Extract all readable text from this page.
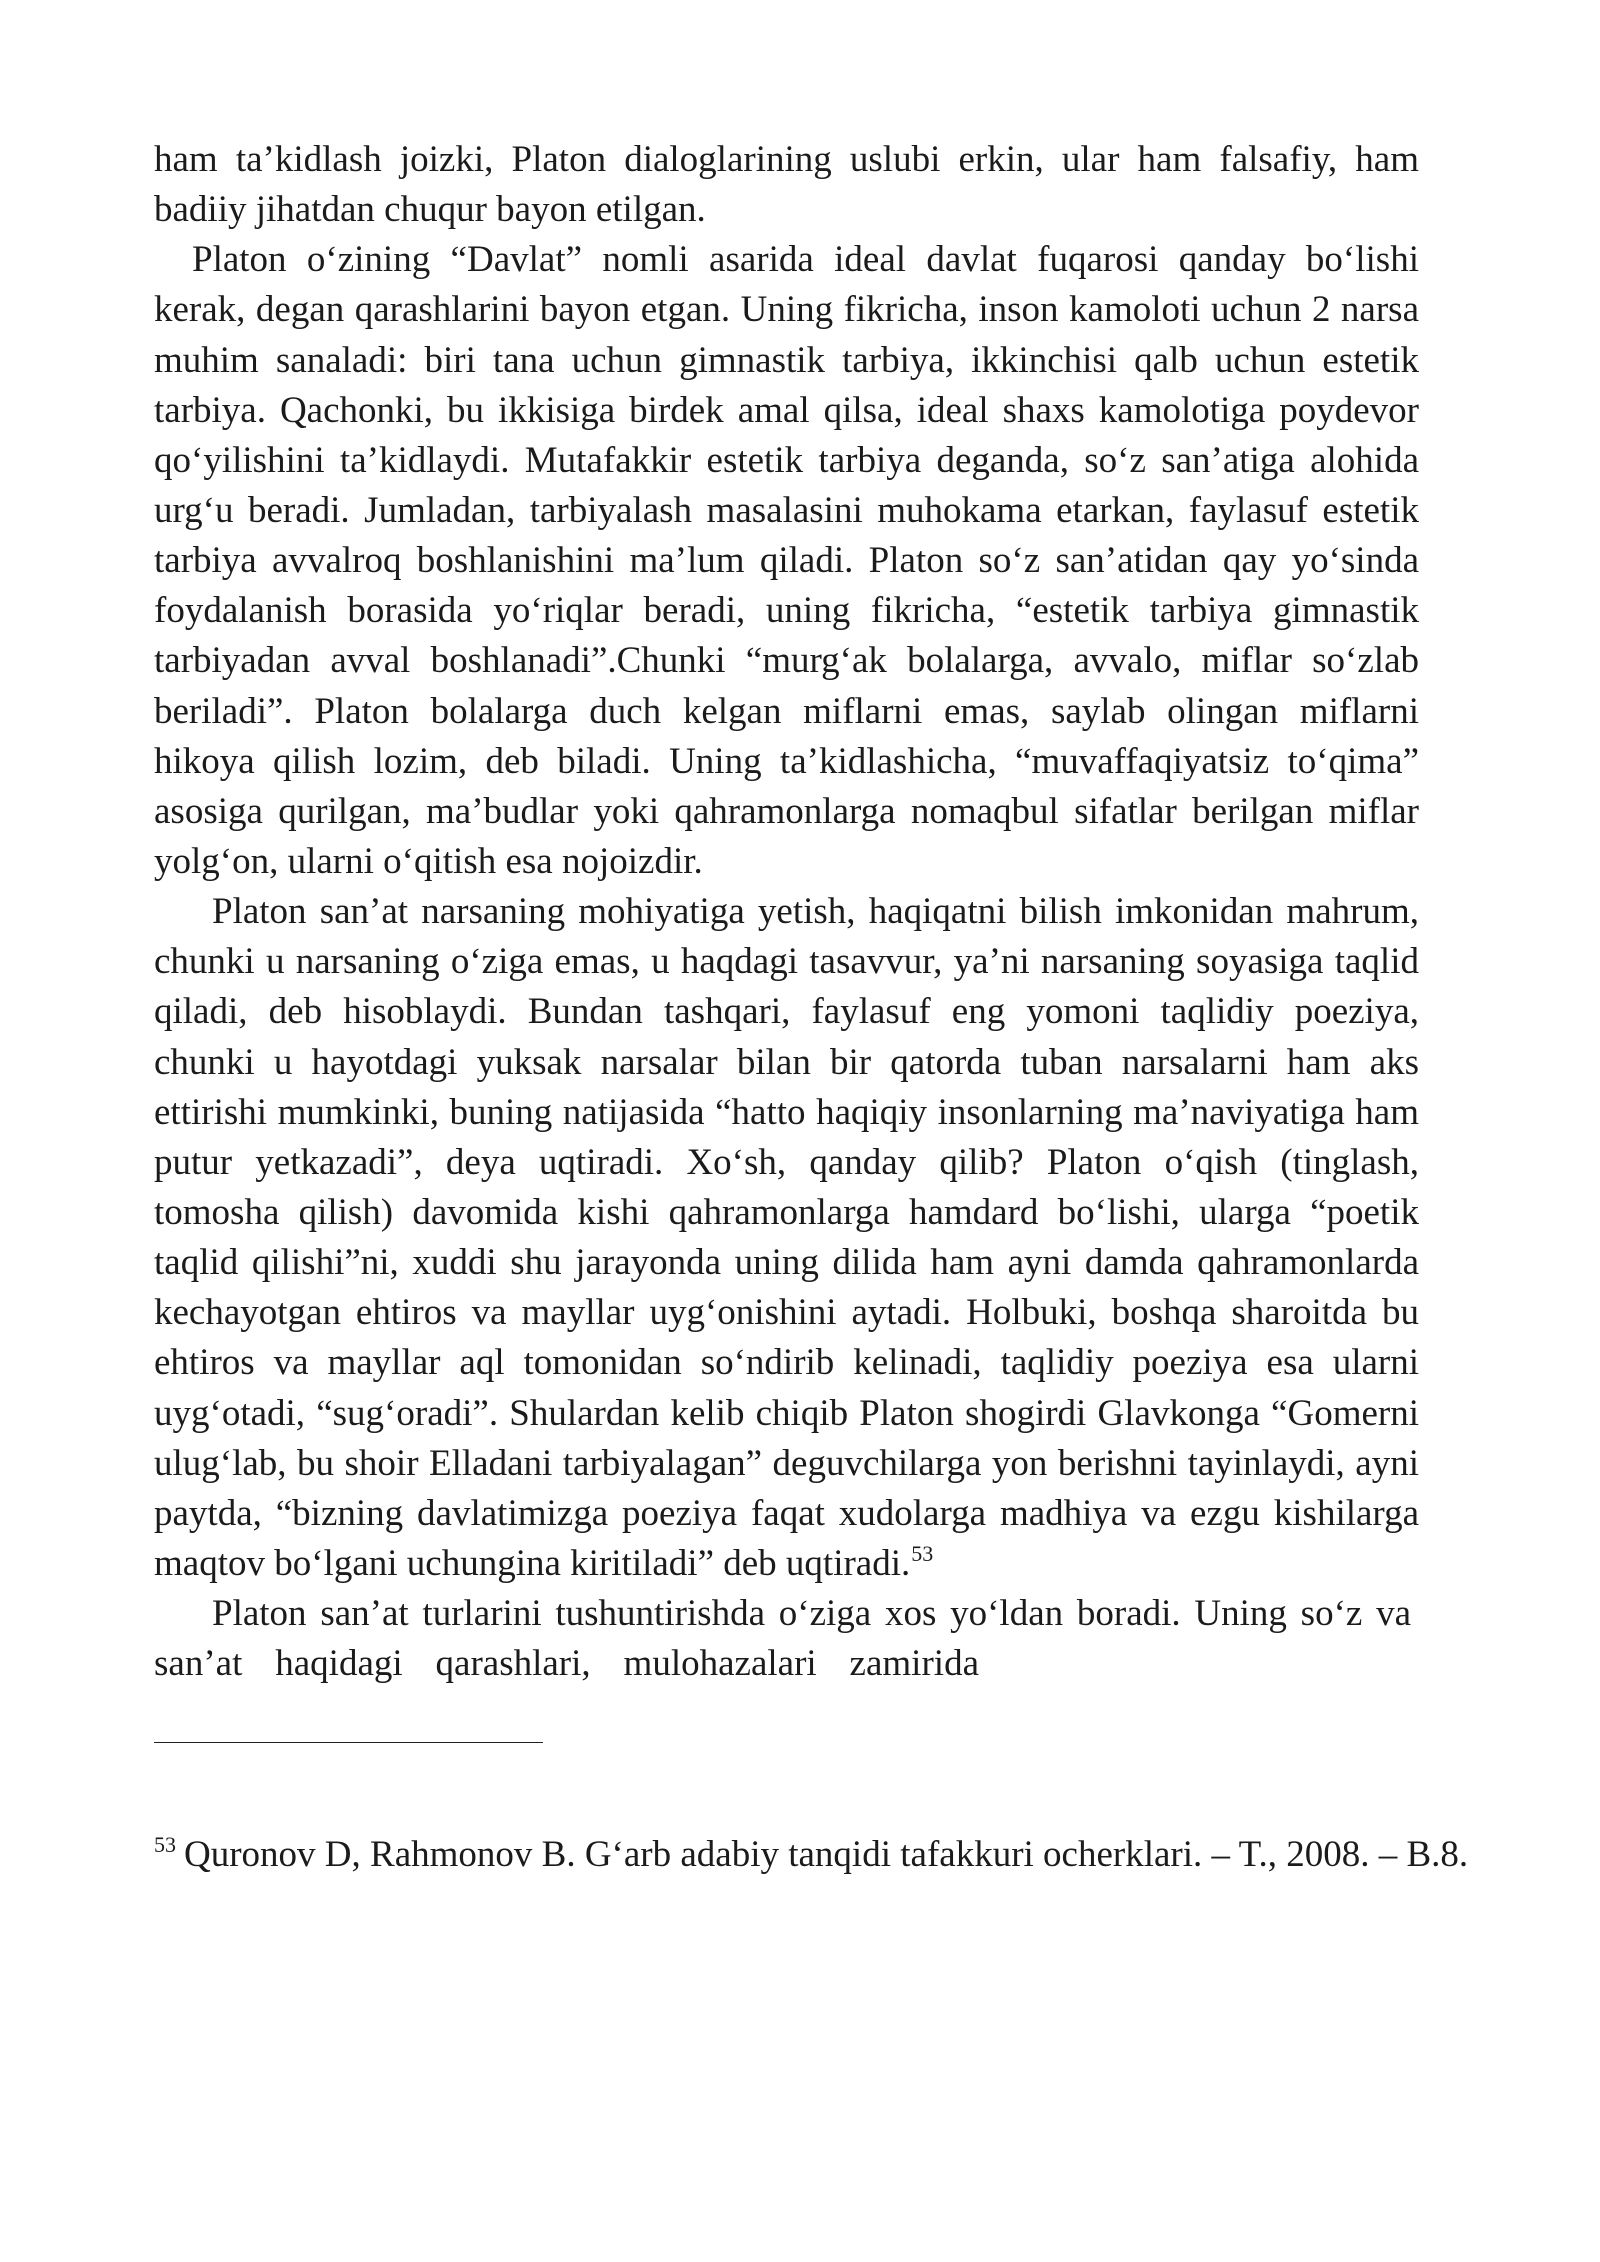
ham ta’kidlash joizki, Platon dialoglarining uslubi erkin, ular ham falsafiy, ham
badiiy jihatdan chuqur bayon etilgan.
Platon o‘zining “Davlat” nomli asarida ideal davlat fuqarosi qanday bo‘lishi
kerak, degan qarashlarini bayon etgan. Uning fikricha, inson kamoloti uchun 2 narsa
muhim sanaladi: biri tana uchun gimnastik tarbiya, ikkinchisi qalb uchun estetik
tarbiya. Qachonki, bu ikkisiga birdek amal qilsa, ideal shaxs kamolotiga poydevor
qo‘yilishini ta’kidlaydi. Mutafakkir estetik tarbiya deganda, so‘z san’atiga alohida
urg‘u beradi. Jumladan, tarbiyalash masalasini muhokama etarkan, faylasuf estetik
tarbiya avvalroq boshlanishini ma’lum qiladi. Platon so‘z san’atidan qay yo‘sinda
foydalanish borasida yo‘riqlar beradi, uning fikricha, “estetik tarbiya gimnastik
tarbiyadan avval boshlanadi”.Chunki “murg‘ak bolalarga, avvalo, miflar so‘zlab
beriladi”. Platon bolalarga duch kelgan miflarni emas, saylab olingan miflarni
hikoya qilish lozim, deb biladi. Uning ta’kidlashicha, “muvaffaqiyatsiz to‘qima”
asosiga qurilgan, ma’budlar yoki qahramonlarga nomaqbul sifatlar berilgan miflar
yolg‘on, ularni o‘qitish esa nojoizdir.
Platon san’at narsaning mohiyatiga yetish, haqiqatni bilish imkonidan mahrum,
chunki u narsaning o‘ziga emas, u haqdagi tasavvur, ya’ni narsaning soyasiga taqlid
qiladi, deb hisoblaydi. Bundan tashqari, faylasuf eng yomoni taqlidiy poeziya,
chunki u hayotdagi yuksak narsalar bilan bir qatorda tuban narsalarni ham aks
ettirishi mumkinki, buning natijasida “hatto haqiqiy insonlarning ma’naviyatiga ham
putur yetkazadi”, deya uqtiradi. Xo‘sh, qanday qilib? Platon o‘qish (tinglash,
tomosha qilish) davomida kishi qahramonlarga hamdard bo‘lishi, ularga “poetik
taqlid qilishi”ni, xuddi shu jarayonda uning dilida ham ayni damda qahramonlarda
kechayotgan ehtiros va mayllar uyg‘onishini aytadi. Holbuki, boshqa sharoitda bu
ehtiros va mayllar aql tomonidan so‘ndirib kelinadi, taqlidiy poeziya esa ularni
uyg‘otadi, “sug‘oradi”. Shulardan kelib chiqib Platon shogirdi Glavkonga “Gomerni
ulug‘lab, bu shoir Elladani tarbiyalagan” deguvchilarga yon berishni tayinlaydi, ayni
paytda, “bizning davlatimizga poeziya faqat xudolarga madhiya va ezgu kishilarga
maqtov bo‘lgani uchungina kiritiladi” deb uqtiradi.$^{53}$
Platon san’at turlarini tushuntirishda o‘ziga xos yo‘ldan boradi. Uning so‘z va
san’at haqidagi qarashlari, mulohazalari zamirida
$^{53}$ Quronov D, Rahmonov B. G‘arb adabiy tanqidi tafakkuri ocherklari. – T., 2008. – B.8.
